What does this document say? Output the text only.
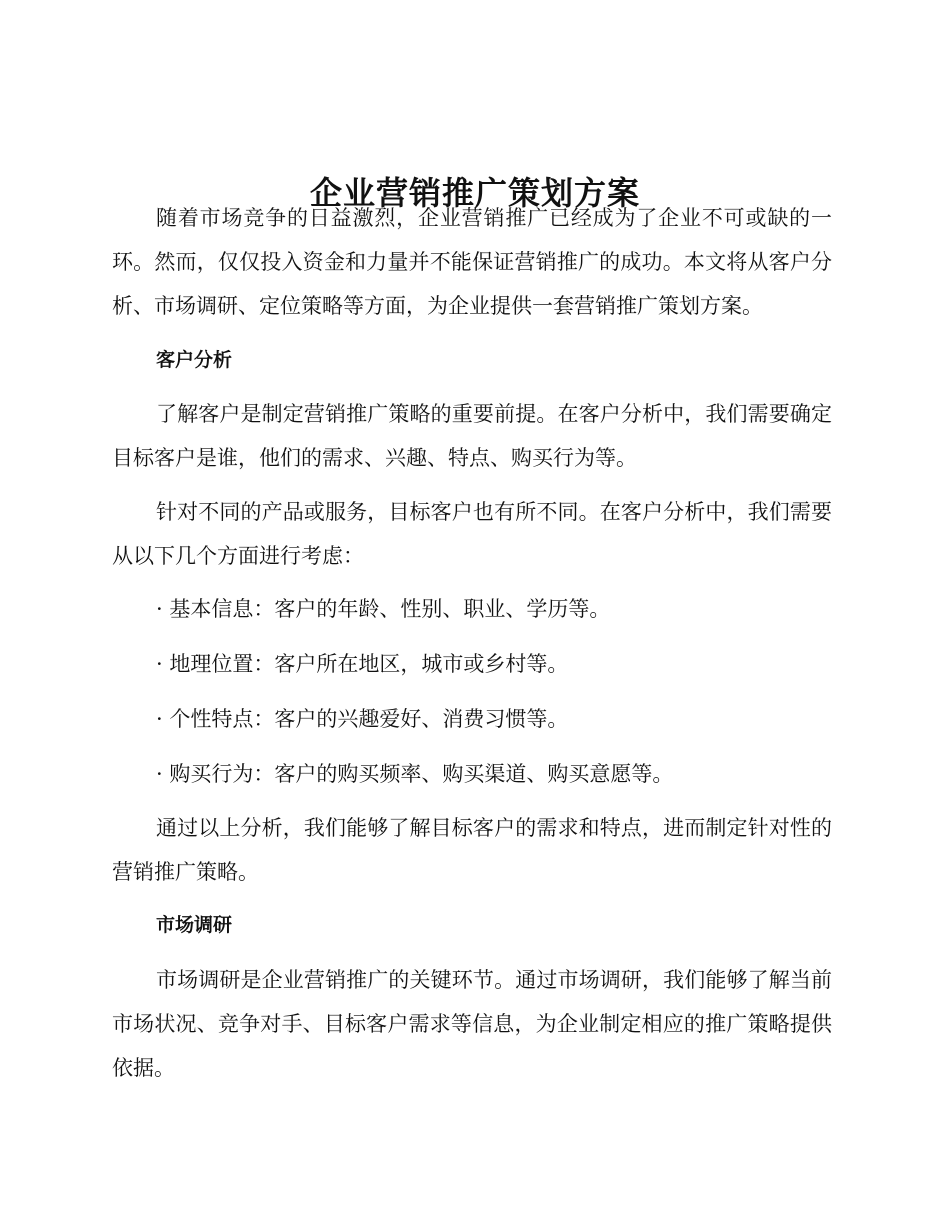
企业营销推广策划方案

随着市场竞争的日益激烈，企业营销推广已经成为了企业不可或缺的一环。然而，仅仅投入资金和力量并不能保证营销推广的成功。本文将从客户分析、市场调研、定位策略等方面，为企业提供一套营销推广策划方案。

客户分析

了解客户是制定营销推广策略的重要前提。在客户分析中，我们需要确定目标客户是谁，他们的需求、兴趣、特点、购买行为等。

针对不同的产品或服务，目标客户也有所不同。在客户分析中，我们需要从以下几个方面进行考虑：

· 基本信息：客户的年龄、性别、职业、学历等。

· 地理位置：客户所在地区，城市或乡村等。

· 个性特点：客户的兴趣爱好、消费习惯等。

· 购买行为：客户的购买频率、购买渠道、购买意愿等。

通过以上分析，我们能够了解目标客户的需求和特点，进而制定针对性的营销推广策略。

市场调研

市场调研是企业营销推广的关键环节。通过市场调研，我们能够了解当前市场状况、竞争对手、目标客户需求等信息，为企业制定相应的推广策略提供依据。
